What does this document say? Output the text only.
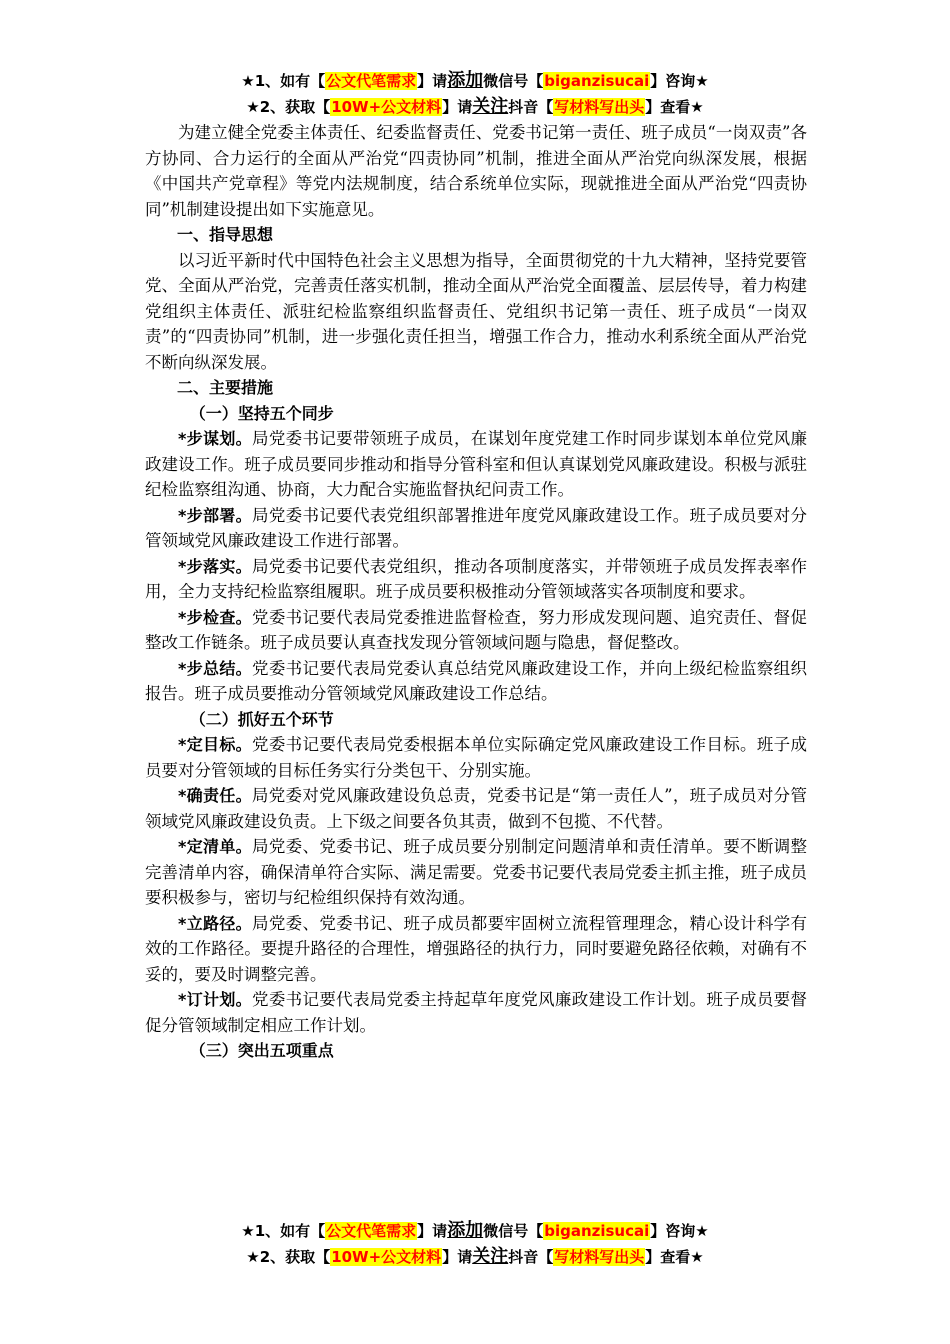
★1、如有【公文代笔需求】请添加微信号【biganzisucai】咨询★
★2、获取【10W+公文材料】请关注抖音【写材料写出头】查看★

为建立健全党委主体责任、纪委监督责任、党委书记第一责任、班子成员“一岗双责”各方协同、合力运行的全面从严治党“四责协同”机制，推进全面从严治党向纵深发展，根据《中国共产党章程》等党内法规制度，结合系统单位实际，现就推进全面从严治党“四责协同”机制建设提出如下实施意见。

一、指导思想

以习近平新时代中国特色社会主义思想为指导，全面贯彻党的十九大精神，坚持党要管党、全面从严治党，完善责任落实机制，推动全面从严治党全面覆盖、层层传导，着力构建党组织主体责任、派驻纪检监察组织监督责任、党组织书记第一责任、班子成员“一岗双责”的“四责协同”机制，进一步强化责任担当，增强工作合力，推动水利系统全面从严治党不断向纵深发展。

二、主要措施

（一）坚持五个同步

*步谋划。局党委书记要带领班子成员，在谋划年度党建工作时同步谋划本单位党风廉政建设工作。班子成员要同步推动和指导分管科室和但认真谋划党风廉政建设。积极与派驻纪检监察组沟通、协商，大力配合实施监督执纪问责工作。

*步部署。局党委书记要代表党组织部署推进年度党风廉政建设工作。班子成员要对分管领域党风廉政建设工作进行部署。

*步落实。局党委书记要代表党组织，推动各项制度落实，并带领班子成员发挥表率作用，全力支持纪检监察组履职。班子成员要积极推动分管领域落实各项制度和要求。

*步检查。党委书记要代表局党委推进监督检查，努力形成发现问题、追究责任、督促整改工作链条。班子成员要认真查找发现分管领域问题与隐患，督促整改。

*步总结。党委书记要代表局党委认真总结党风廉政建设工作，并向上级纪检监察组织报告。班子成员要推动分管领域党风廉政建设工作总结。

（二）抓好五个环节

*定目标。党委书记要代表局党委根据本单位实际确定党风廉政建设工作目标。班子成员要对分管领域的目标任务实行分类包干、分别实施。

*确责任。局党委对党风廉政建设负总责，党委书记是“第一责任人”，班子成员对分管领域党风廉政建设负责。上下级之间要各负其责，做到不包揽、不代替。

*定清单。局党委、党委书记、班子成员要分别制定问题清单和责任清单。要不断调整完善清单内容，确保清单符合实际、满足需要。党委书记要代表局党委主抓主推，班子成员要积极参与，密切与纪检组织保持有效沟通。

*立路径。局党委、党委书记、班子成员都要牢固树立流程管理理念，精心设计科学有效的工作路径。要提升路径的合理性，增强路径的执行力，同时要避免路径依赖，对确有不妥的，要及时调整完善。

*订计划。党委书记要代表局党委主持起草年度党风廉政建设工作计划。班子成员要督促分管领域制定相应工作计划。

（三）突出五项重点

★1、如有【公文代笔需求】请添加微信号【biganzisucai】咨询★
★2、获取【10W+公文材料】请关注抖音【写材料写出头】查看★
